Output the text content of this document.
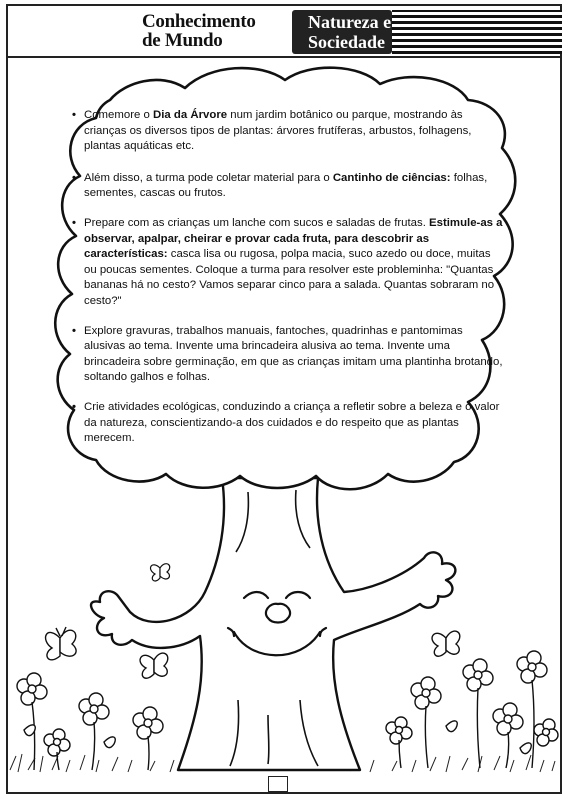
Conhecimento
de Mundo
Natureza e
Sociedade

• Comemore o Dia da Árvore num jardim botânico ou parque, mostrando às crianças os diversos tipos de plantas: árvores frutíferas, arbustos, folhagens, plantas aquáticas etc.

• Além disso, a turma pode coletar material para o Cantinho de ciências: folhas, sementes, cascas ou frutos.

• Prepare com as crianças um lanche com sucos e saladas de frutas. Estimule-as a observar, apalpar, cheirar e provar cada fruta, para descobrir as características: casca lisa ou rugosa, polpa macia, suco azedo ou doce, muitas ou poucas sementes. Coloque a turma para resolver este probleminha: "Quantas bananas há no cesto? Vamos separar cinco para a salada. Quantas sobraram no cesto?"

• Explore gravuras, trabalhos manuais, fantoches, quadrinhas e pantomimas alusivas ao tema. Invente uma brincadeira alusiva ao tema. Invente uma brincadeira sobre germinação, em que as crianças imitam uma plantinha brotando, soltando galhos e folhas.

• Crie atividades ecológicas, conduzindo a criança a refletir sobre a beleza e o valor da natureza, conscientizando-a dos cuidados e do respeito que as plantas merecem.
